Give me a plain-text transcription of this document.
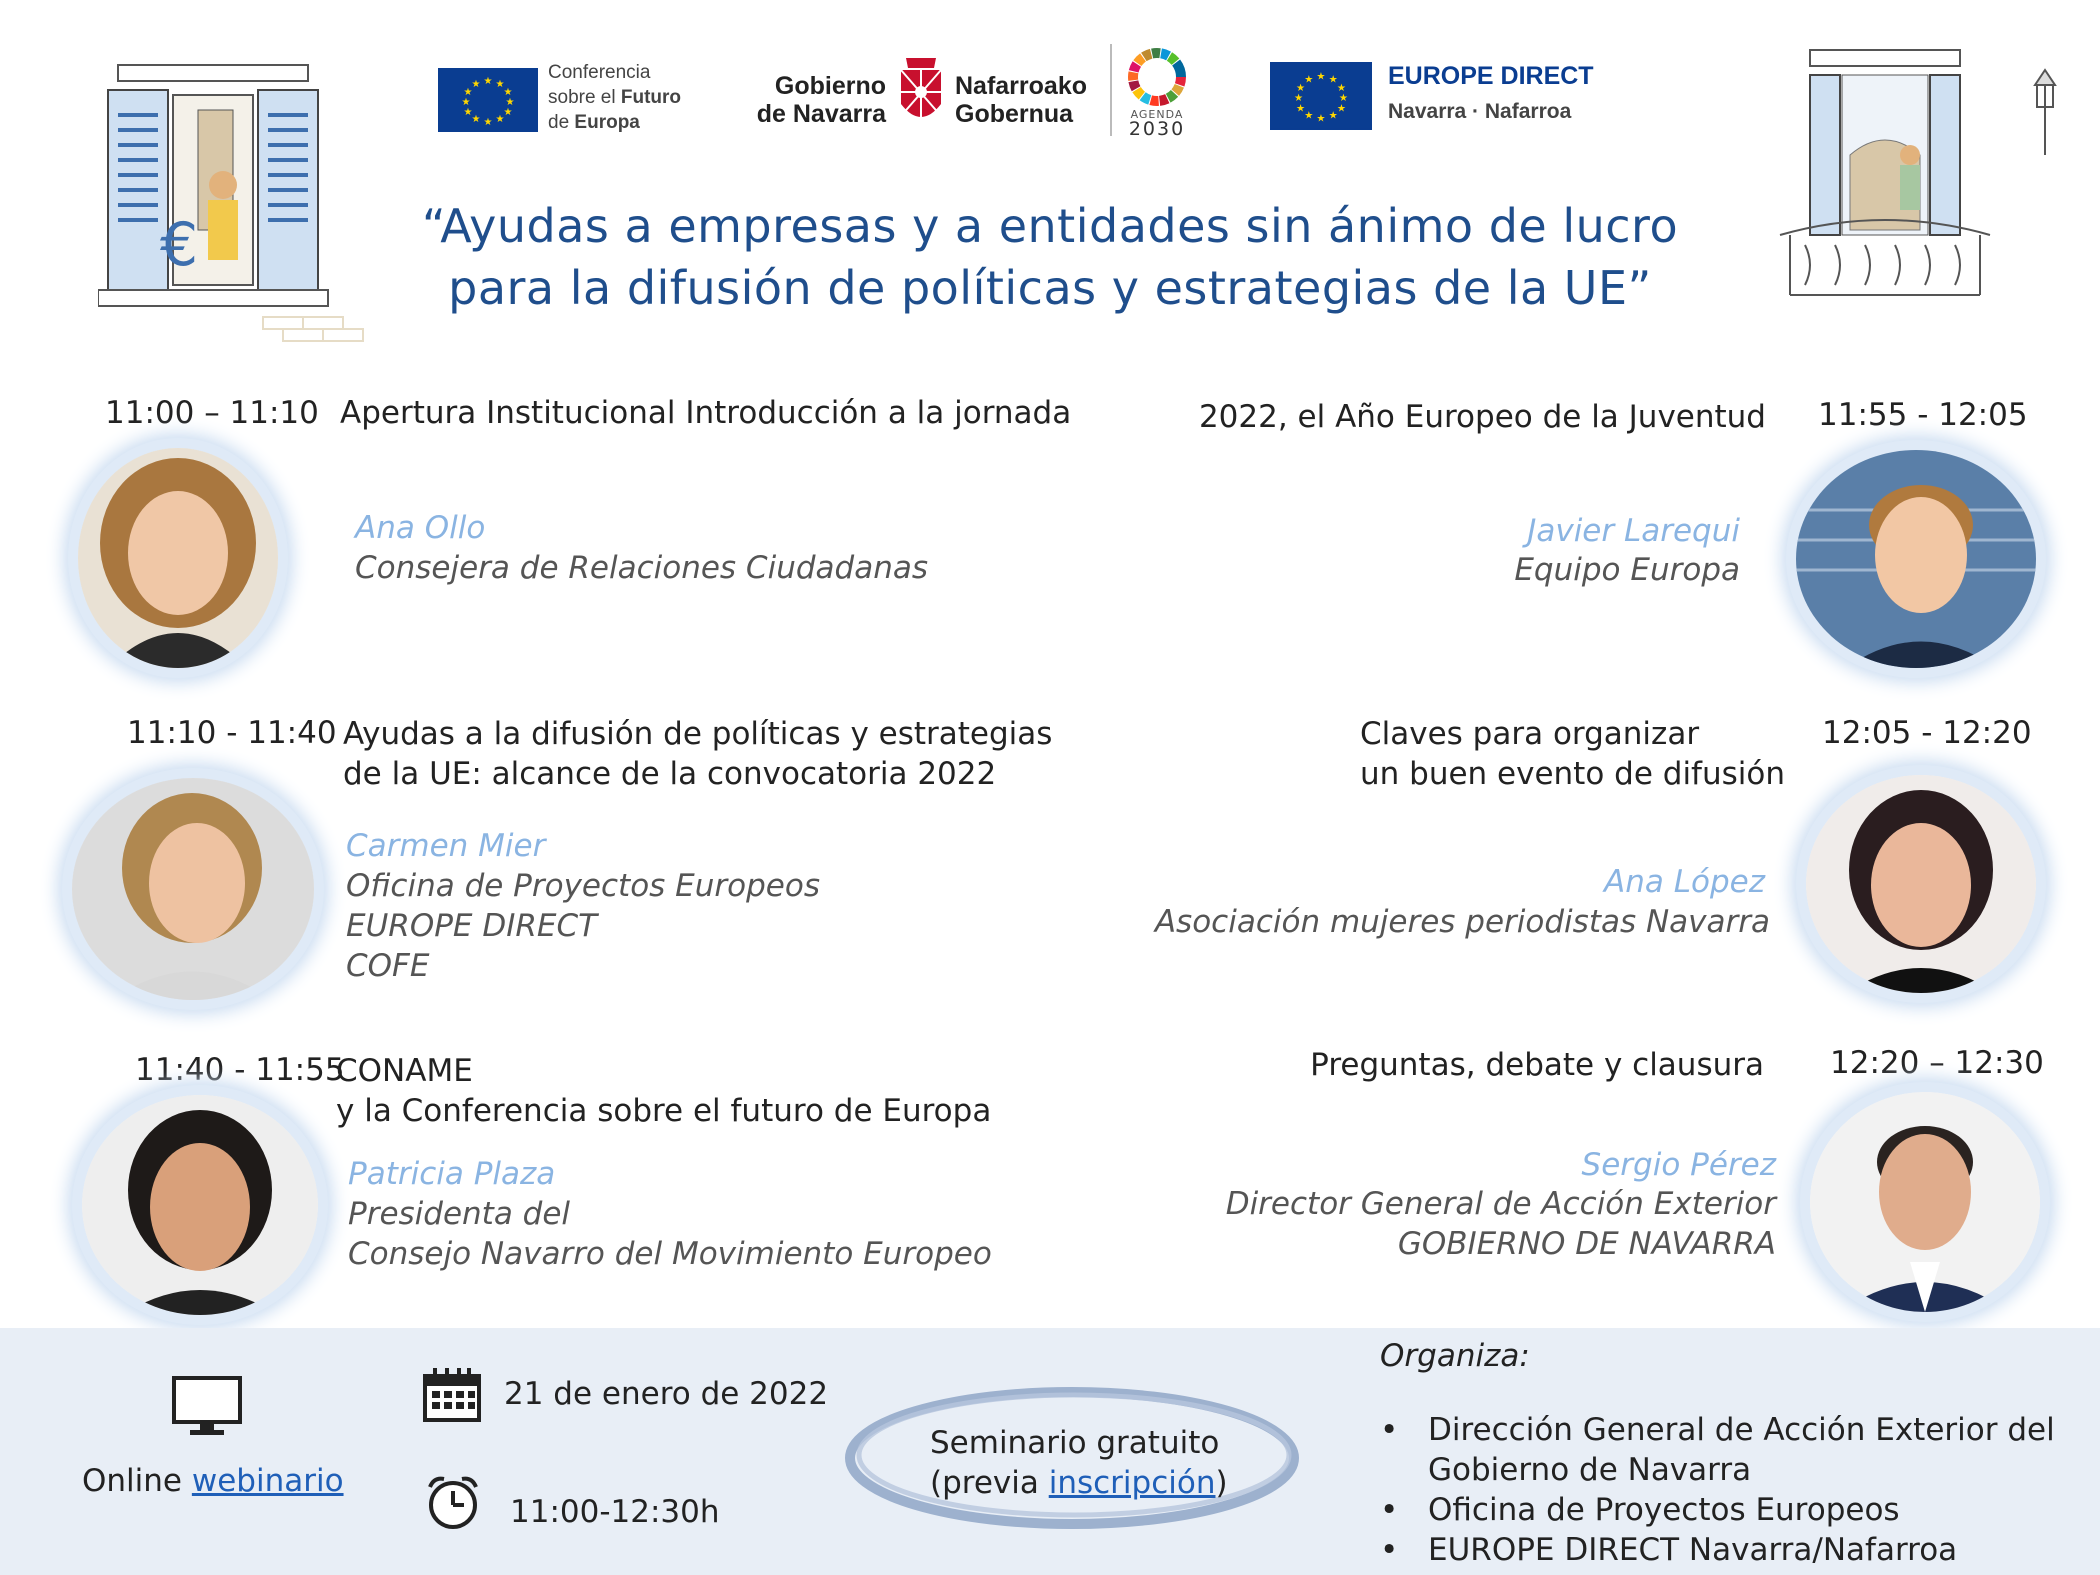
€
★ ★
★
★
★
★
★
★
★
★
★
★
Conferencia
sobre el Futuro
de Europa
Gobierno
de Navarra
Nafarroako
Gobernua	AGENDA
2030
★ ★
★
★
★
★
★
★
★
★
★
★	EUROPE DIRECT
Navarra · Nafarroa
“Ayudas a empresas y a entidades sin ánimo de lucro
para la difusión de políticas y estrategias de la UE”
11:00 – 11:10 Apertura Institucional Introducción a la jornada
Ana Ollo
Consejera de Relaciones Ciudadanas
11:10 - 11:40 Ayudas a la difusión de políticas y estrategias
de la UE: alcance de la convocatoria 2022
Carmen Mier
Oficina de Proyectos Europeos
EUROPE DIRECT
COFE
11:40 - 11:55
CONAME
y la Conferencia sobre el futuro de Europa
Patricia Plaza
Presidenta del
Consejo Navarro del Movimiento Europeo
2022, el Año Europeo de la Juventud 11:55 - 12:05
Javier Larequi
Equipo Europa
Claves para organizar
un buen evento de difusión
12:05 - 12:20
Ana López
Asociación mujeres periodistas Navarra
Preguntas, debate y clausura 12:20 – 12:30
Sergio Pérez
Director General de Acción Exterior
GOBIERNO DE NAVARRA
Online webinario
21 de enero de 2022
11:00-12:30h
Seminario gratuito
(previa inscripción)
Organiza:
• Dirección General de Acción Exterior del
Gobierno de Navarra
• Oficina de Proyectos Europeos
• EUROPE DIRECT Navarra/Nafarroa
